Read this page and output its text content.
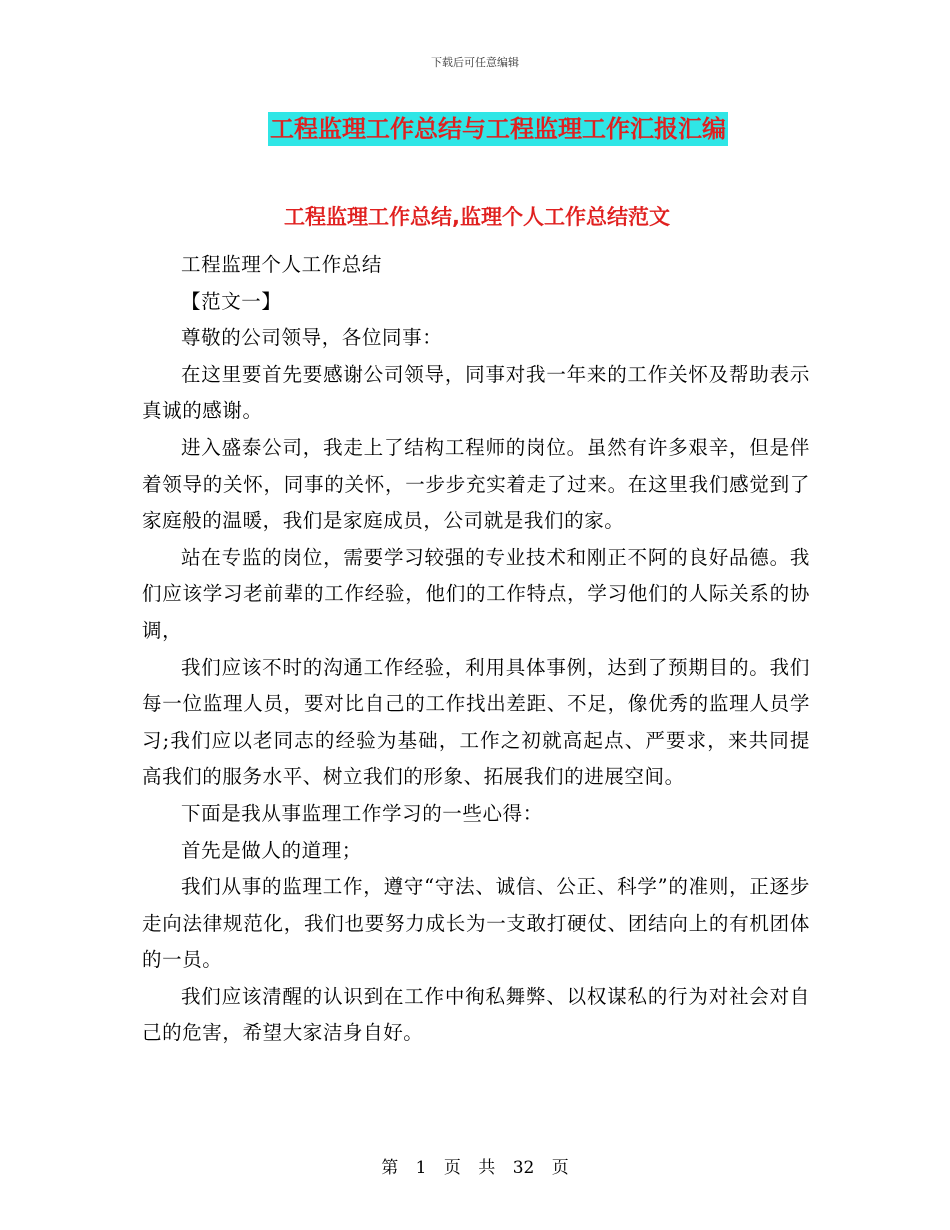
下载后可任意编辑
工程监理工作总结与工程监理工作汇报汇编
工程监理工作总结,监理个人工作总结范文

工程监理个人工作总结

【范文一】

尊敬的公司领导，各位同事：

在这里要首先要感谢公司领导，同事对我一年来的工作关怀及帮助表示真诚的感谢。

进入盛泰公司，我走上了结构工程师的岗位。虽然有许多艰辛，但是伴着领导的关怀，同事的关怀，一步步充实着走了过来。在这里我们感觉到了家庭般的温暖，我们是家庭成员，公司就是我们的家。

站在专监的岗位，需要学习较强的专业技术和刚正不阿的良好品德。我们应该学习老前辈的工作经验，他们的工作特点，学习他们的人际关系的协调，

我们应该不时的沟通工作经验，利用具体事例，达到了预期目的。我们每一位监理人员，要对比自己的工作找出差距、不足，像优秀的监理人员学习;我们应以老同志的经验为基础，工作之初就高起点、严要求，来共同提高我们的服务水平、树立我们的形象、拓展我们的进展空间。

下面是我从事监理工作学习的一些心得：

首先是做人的道理；

我们从事的监理工作，遵守“守法、诚信、公正、科学”的准则，正逐步走向法律规范化，我们也要努力成长为一支敢打硬仗、团结向上的有机团体的一员。

我们应该清醒的认识到在工作中徇私舞弊、以权谋私的行为对社会对自己的危害，希望大家洁身自好。

第 1 页 共 32 页
